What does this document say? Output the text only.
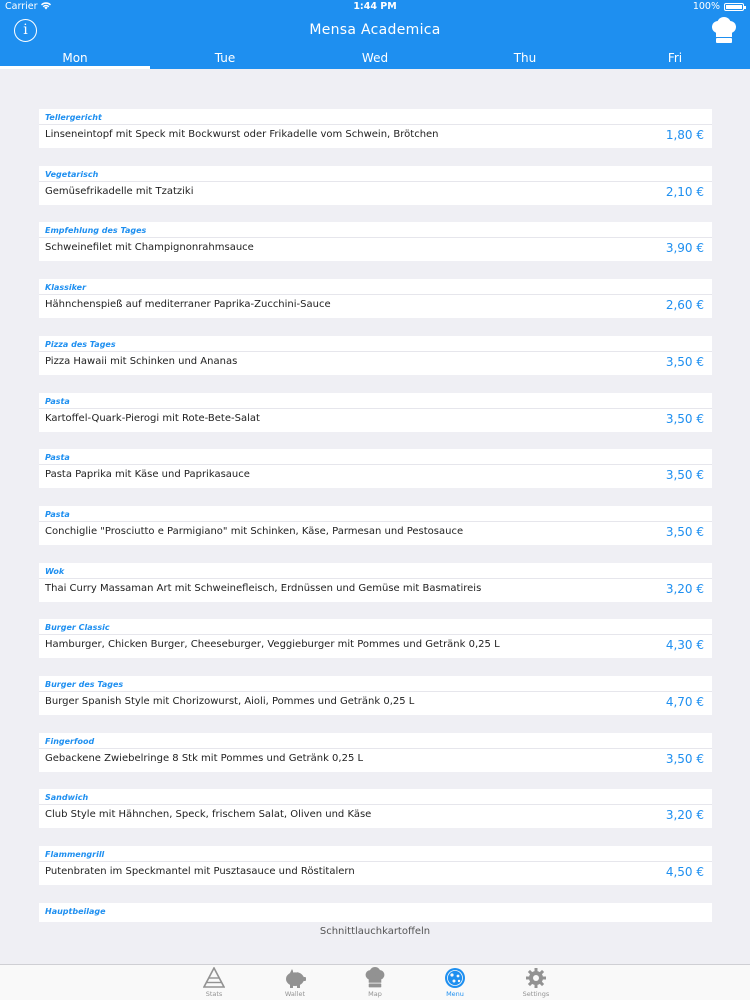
Carrier	1:44 PM	100%
i	Mensa Academica
Mon	Tue	Wed	Thu	Fri
Tellergericht
Linseneintopf mit Speck mit Bockwurst oder Frikadelle vom Schwein, Brötchen	1,80 €
Vegetarisch
Gemüsefrikadelle mit Tzatziki	2,10 €
Empfehlung des Tages
Schweinefilet mit Champignonrahmsauce	3,90 €
Klassiker
Hähnchenspieß auf mediterraner Paprika-Zucchini-Sauce	2,60 €
Pizza des Tages
Pizza Hawaii mit Schinken und Ananas	3,50 €
Pasta
Kartoffel-Quark-Pierogi mit Rote-Bete-Salat	3,50 €
Pasta
Pasta Paprika mit Käse und Paprikasauce	3,50 €
Pasta
Conchiglie "Prosciutto e Parmigiano" mit Schinken, Käse, Parmesan und Pestosauce	3,50 €
Wok
Thai Curry Massaman Art mit Schweinefleisch, Erdnüssen und Gemüse mit Basmatireis	3,20 €
Burger Classic
Hamburger, Chicken Burger, Cheeseburger, Veggieburger mit Pommes und Getränk 0,25 L	4,30 €
Burger des Tages
Burger Spanish Style mit Chorizowurst, Aioli, Pommes und Getränk 0,25 L	4,70 €
Fingerfood
Gebackene Zwiebelringe 8 Stk mit Pommes und Getränk 0,25 L	3,50 €
Sandwich
Club Style mit Hähnchen, Speck, frischem Salat, Oliven und Käse	3,20 €
Flammengrill
Putenbraten im Speckmantel mit Pusztasauce und Röstitalern	4,50 €
Hauptbeilage
Schnittlauchkartoffeln
Stats	Wallet	Map	Menu	Settings
